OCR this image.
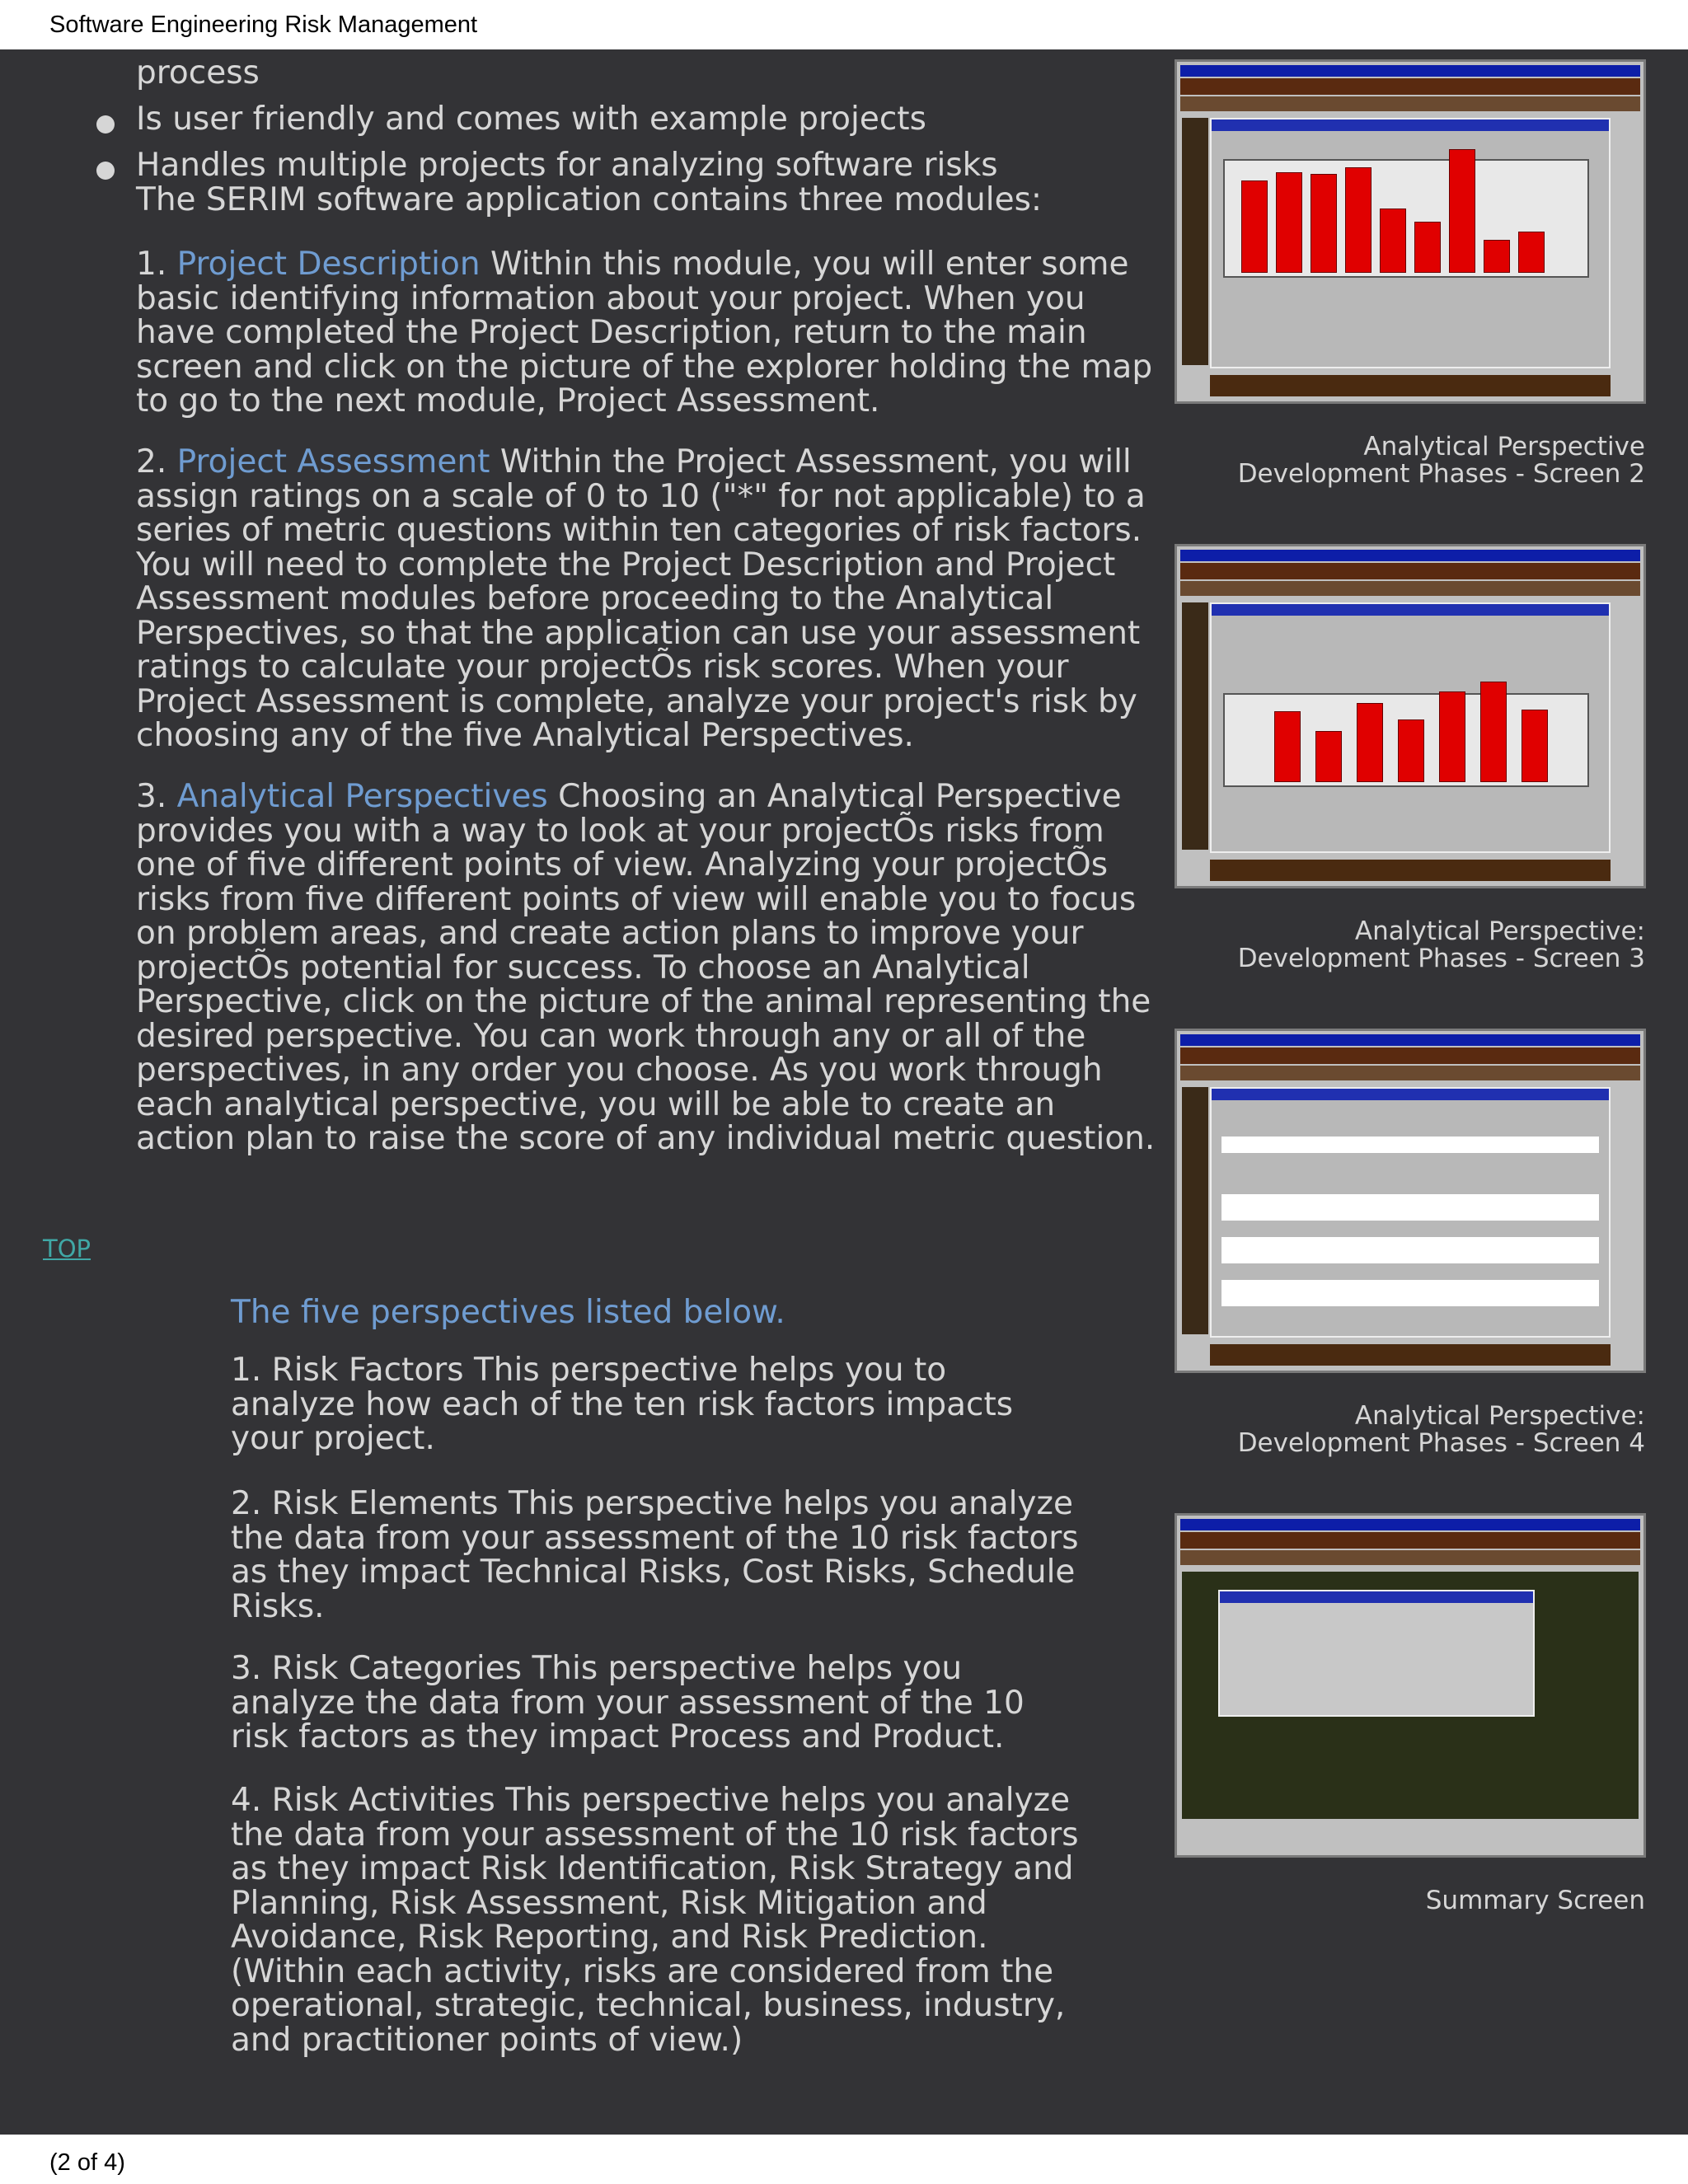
Software Engineering Risk Management

process

Is user friendly and comes with example projects

Handles multiple projects for analyzing software risks The SERIM software application contains three modules:

1. Project Description Within this module, you will enter some basic identifying information about your project. When you have completed the Project Description, return to the main screen and click on the picture of the explorer holding the map to go to the next module, Project Assessment.

2. Project Assessment Within the Project Assessment, you will assign ratings on a scale of 0 to 10 ("*" for not applicable) to a series of metric questions within ten categories of risk factors. You will need to complete the Project Description and Project Assessment modules before proceeding to the Analytical Perspectives, so that the application can use your assessment ratings to calculate your projectÕs risk scores. When your Project Assessment is complete, analyze your project's risk by choosing any of the five Analytical Perspectives.

3. Analytical Perspectives Choosing an Analytical Perspective provides you with a way to look at your projectÕs risks from one of five different points of view. Analyzing your projectÕs risks from five different points of view will enable you to focus on problem areas, and create action plans to improve your projectÕs potential for success. To choose an Analytical Perspective, click on the picture of the animal representing the desired perspective. You can work through any or all of the perspectives, in any order you choose. As you work through each analytical perspective, you will be able to create an action plan to raise the score of any individual metric question.

TOP
The five perspectives listed below.

1. Risk Factors This perspective helps you to analyze how each of the ten risk factors impacts your project.

2. Risk Elements This perspective helps you analyze the data from your assessment of the 10 risk factors as they impact Technical Risks, Cost Risks, Schedule Risks.

3. Risk Categories This perspective helps you analyze the data from your assessment of the 10 risk factors as they impact Process and Product.

4. Risk Activities This perspective helps you analyze the data from your assessment of the 10 risk factors as they impact Risk Identification, Risk Strategy and Planning, Risk Assessment, Risk Mitigation and Avoidance, Risk Reporting, and Risk Prediction. (Within each activity, risks are considered from the operational, strategic, technical, business, industry, and practitioner points of view.)

Analytical Perspective
Development Phases - Screen 2
Analytical Perspective:
Development Phases - Screen 3
Analytical Perspective:
Development Phases - Screen 4
Summary Screen
(2 of 4)
